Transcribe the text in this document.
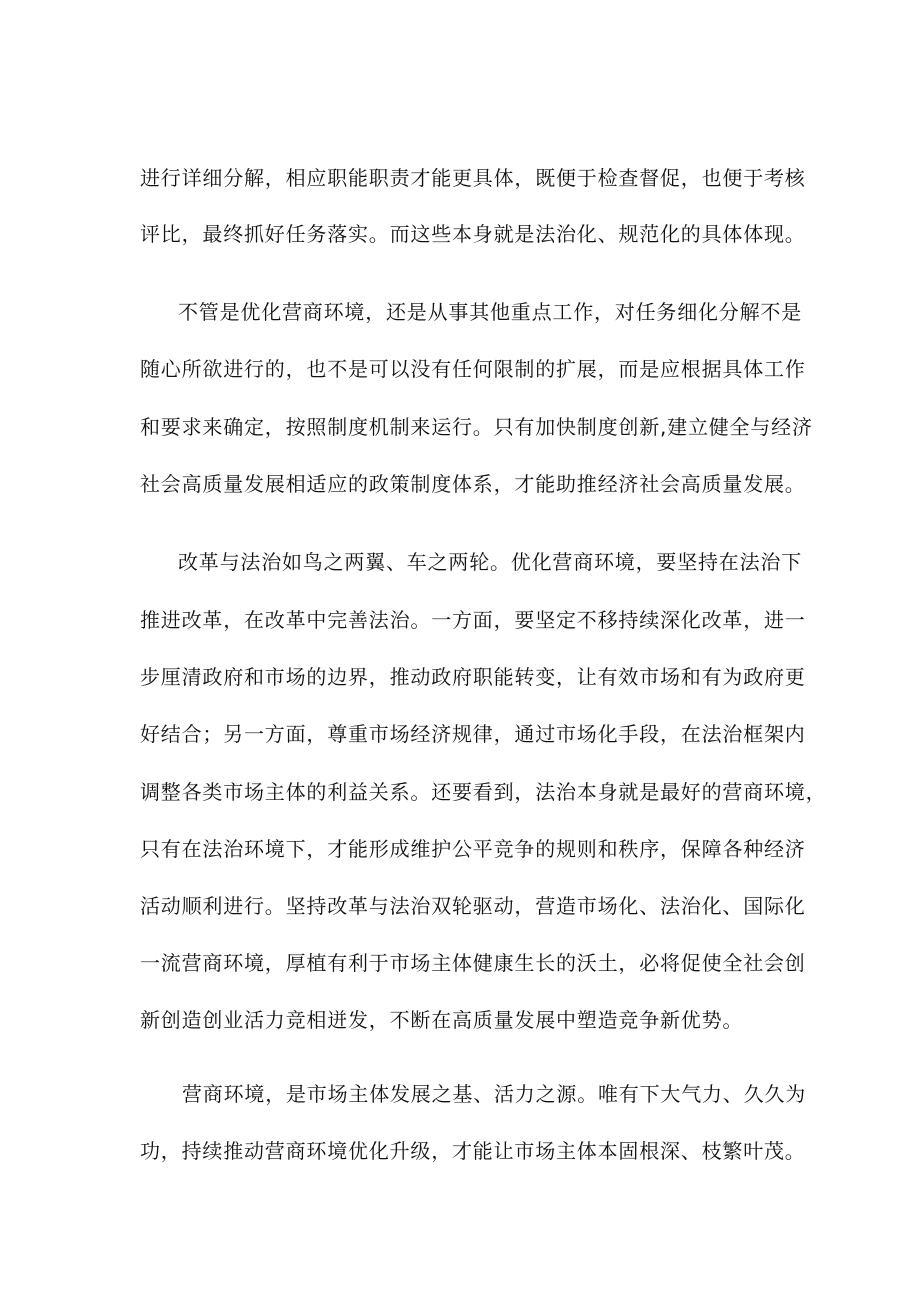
进行详细分解，相应职能职责才能更具体，既便于检查督促，也便于考核
评比，最终抓好任务落实。而这些本身就是法治化、规范化的具体体现。
不管是优化营商环境，还是从事其他重点工作，对任务细化分解不是
随心所欲进行的，也不是可以没有任何限制的扩展，而是应根据具体工作
和要求来确定，按照制度机制来运行。只有加快制度创新,建立健全与经济
社会高质量发展相适应的政策制度体系，才能助推经济社会高质量发展。
改革与法治如鸟之两翼、车之两轮。优化营商环境，要坚持在法治下
推进改革，在改革中完善法治。一方面，要坚定不移持续深化改革，进一
步厘清政府和市场的边界，推动政府职能转变，让有效市场和有为政府更
好结合；另一方面，尊重市场经济规律，通过市场化手段，在法治框架内
调整各类市场主体的利益关系。还要看到，法治本身就是最好的营商环境，
只有在法治环境下，才能形成维护公平竞争的规则和秩序，保障各种经济
活动顺利进行。坚持改革与法治双轮驱动，营造市场化、法治化、国际化
一流营商环境，厚植有利于市场主体健康生长的沃土，必将促使全社会创
新创造创业活力竞相迸发，不断在高质量发展中塑造竞争新优势。
营商环境，是市场主体发展之基、活力之源。唯有下大气力、久久为
功，持续推动营商环境优化升级，才能让市场主体本固根深、枝繁叶茂。
